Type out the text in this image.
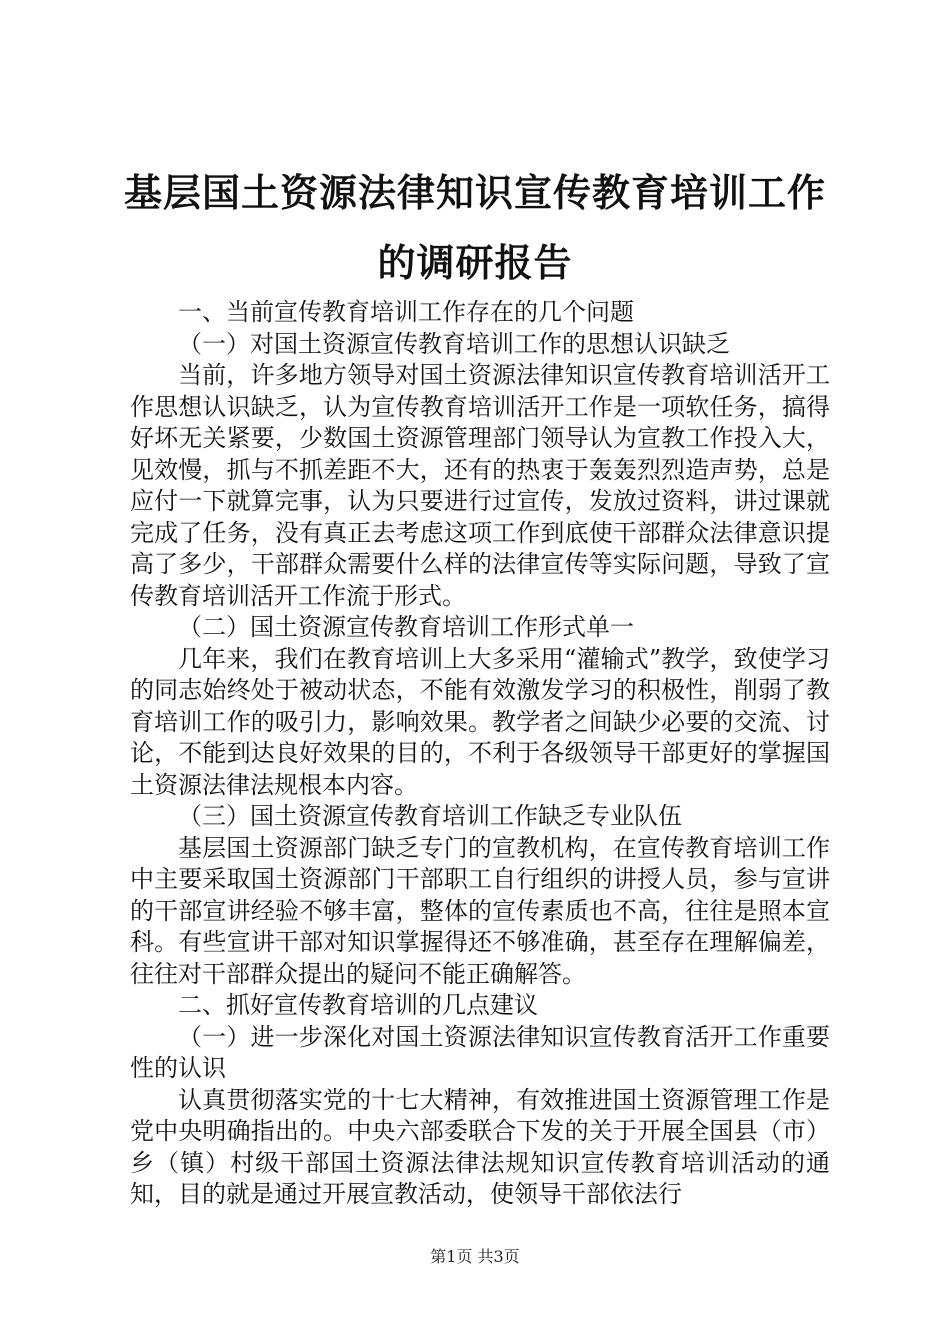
基层国土资源法律知识宣传教育培训工作的调研报告

一、当前宣传教育培训工作存在的几个问题

（一）对国土资源宣传教育培训工作的思想认识缺乏

当前，许多地方领导对国土资源法律知识宣传教育培训活开工作思想认识缺乏，认为宣传教育培训活开工作是一项软任务，搞得好坏无关紧要，少数国土资源管理部门领导认为宣教工作投入大，见效慢，抓与不抓差距不大，还有的热衷于轰轰烈烈造声势，总是应付一下就算完事，认为只要进行过宣传，发放过资料，讲过课就完成了任务，没有真正去考虑这项工作到底使干部群众法律意识提高了多少，干部群众需要什么样的法律宣传等实际问题，导致了宣传教育培训活开工作流于形式。

（二）国土资源宣传教育培训工作形式单一

几年来，我们在教育培训上大多采用“灌输式”教学，致使学习的同志始终处于被动状态，不能有效激发学习的积极性，削弱了教育培训工作的吸引力，影响效果。教学者之间缺少必要的交流、讨论，不能到达良好效果的目的，不利于各级领导干部更好的掌握国土资源法律法规根本内容。

（三）国土资源宣传教育培训工作缺乏专业队伍

基层国土资源部门缺乏专门的宣教机构，在宣传教育培训工作中主要采取国土资源部门干部职工自行组织的讲授人员，参与宣讲的干部宣讲经验不够丰富，整体的宣传素质也不高，往往是照本宣科。有些宣讲干部对知识掌握得还不够准确，甚至存在理解偏差，往往对干部群众提出的疑问不能正确解答。

二、抓好宣传教育培训的几点建议

（一）进一步深化对国土资源法律知识宣传教育活开工作重要性的认识

认真贯彻落实党的十七大精神，有效推进国土资源管理工作是党中央明确指出的。中央六部委联合下发的关于开展全国县（市）乡（镇）村级干部国土资源法律法规知识宣传教育培训活动的通知，目的就是通过开展宣教活动，使领导干部依法行

第1页 共3页
